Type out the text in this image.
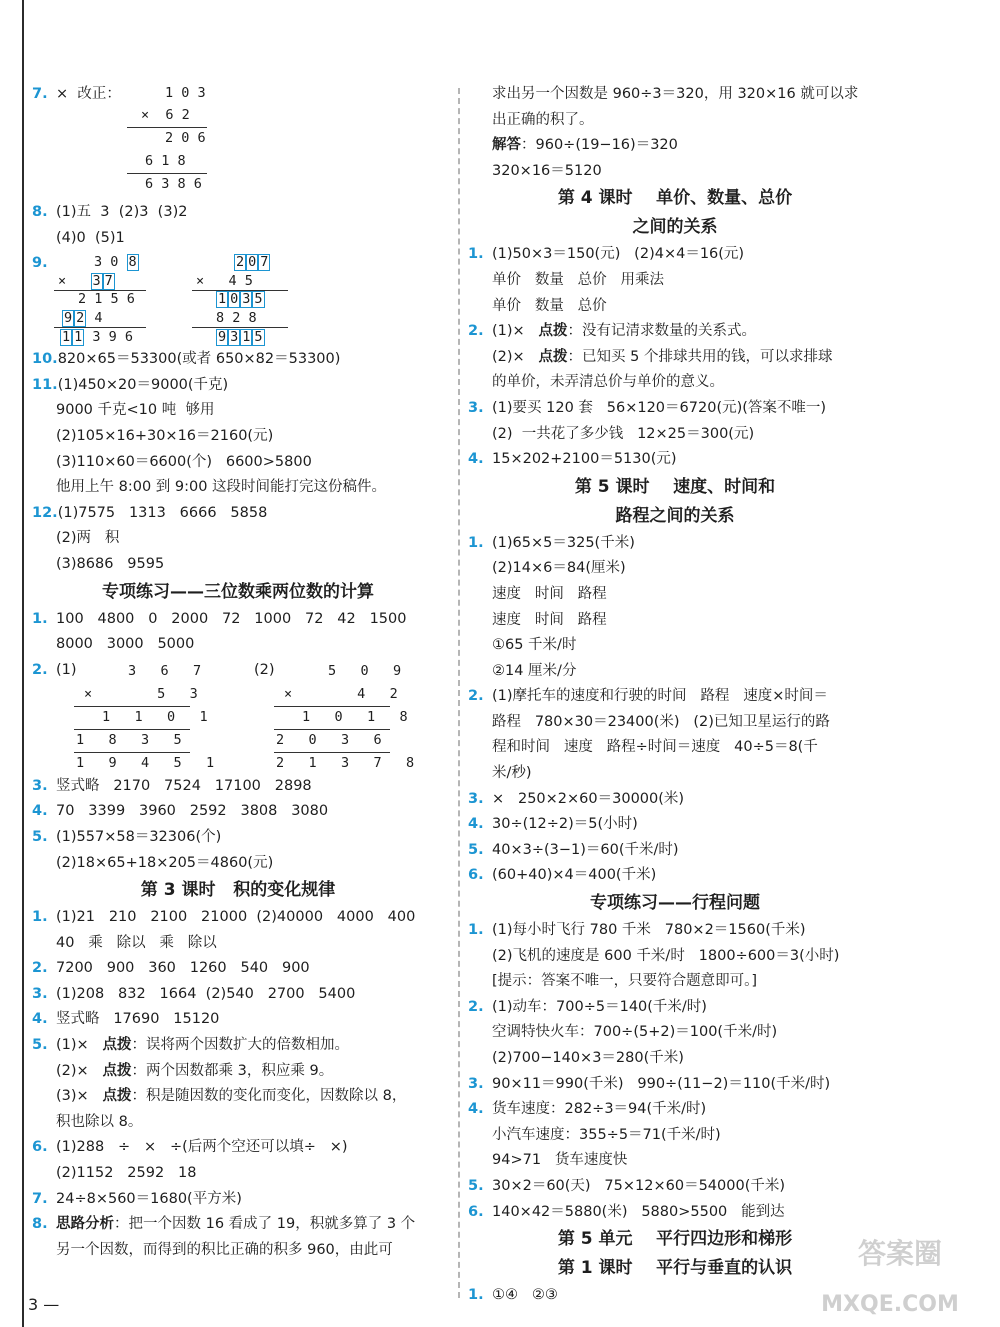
7. ×  改正：	1 0 3
×  6 2
2 0 6
6 1 8
6 3 8 6
8. (1)五  3  (2)3  (3)2
(4)0  (5)1
9.	3 0 8
×   3 7
2 1 5 6
9 2 4
1 1 3 9 6
2 0 7
×   4 5
1 0 3 5
8 2 8
9 3 1 5
10.820×65＝53300(或者 650×82＝53300)
11.(1)450×20＝9000(千克)
9000 千克<10 吨  够用
(2)105×16+30×16＝2160(元)
(3)110×60＝6600(个)   6600>5800
他用上午 8:00 到 9:00 这段时间能打完这份稿件。
12.(1)7575   1313   6666   5858
(2)两   积
(3)8686   9595
专项练习——三位数乘两位数的计算
1. 100   4800   0   2000   72   1000   72   42   1500
8000   3000   5000
2. (1)	3   6   7
×        5   3
1   1   0   1
1   8   3   5
1   9   4   5   1
(2)	5   0   9
×        4   2
1   0   1   8
2   0   3   6
2   1   3   7   8
3. 竖式略   2170   7524   17100   2898
4. 70   3399   3960   2592   3808   3080
5. (1)557×58＝32306(个)
(2)18×65+18×205＝4860(元)
第 3 课时   积的变化规律
1. (1)21   210   2100   21000  (2)40000   4000   400
40   乘   除以   乘   除以
2. 7200   900   360   1260   540   900
3. (1)208   832   1664  (2)540   2700   5400
4. 竖式略   17690   15120
5. (1)×   点拨：误将两个因数扩大的倍数相加。
(2)×   点拨：两个因数都乘 3，积应乘 9。
(3)×   点拨：积是随因数的变化而变化，因数除以 8，
积也除以 8。
6. (1)288   ÷   ×   ÷(后两个空还可以填÷   ×)
(2)1152   2592   18
7. 24÷8×560＝1680(平方米)
8. 思路分析：把一个因数 16 看成了 19，积就多算了 3 个
另一个因数，而得到的积比正确的积多 960，由此可
求出另一个因数是 960÷3＝320，用 320×16 就可以求
出正确的积了。
解答：960÷(19−16)＝320
320×16＝5120
第 4 课时    单价、数量、总价
之间的关系
1. (1)50×3＝150(元)   (2)4×4＝16(元)
单价   数量   总价   用乘法
单价   数量   总价
2. (1)×   点拨：没有记清求数量的关系式。
(2)×   点拨：已知买 5 个排球共用的钱，可以求排球
的单价，未弄清总价与单价的意义。
3. (1)要买 120 套   56×120＝6720(元)(答案不唯一)
(2)  一共花了多少钱   12×25＝300(元)
4. 15×202+2100＝5130(元)
第 5 课时    速度、时间和
路程之间的关系
1. (1)65×5＝325(千米)
(2)14×6＝84(厘米)
速度   时间   路程
速度   时间   路程
①65 千米/时
②14 厘米/分
2. (1)摩托车的速度和行驶的时间   路程   速度×时间＝
路程   780×30＝23400(米)   (2)已知卫星运行的路
程和时间   速度   路程÷时间＝速度   40÷5＝8(千
米/秒)
3. ×   250×2×60＝30000(米)
4. 30÷(12÷2)＝5(小时)
5. 40×3÷(3−1)＝60(千米/时)
6. (60+40)×4＝400(千米)
专项练习——行程问题
1. (1)每小时飞行 780 千米   780×2＝1560(千米)
(2)飞机的速度是 600 千米/时   1800÷600＝3(小时)
[提示：答案不唯一，只要符合题意即可。]
2. (1)动车：700÷5＝140(千米/时)
空调特快火车：700÷(5+2)＝100(千米/时)
(2)700−140×3＝280(千米)
3. 90×11＝990(千米)   990÷(11−2)＝110(千米/时)
4. 货车速度：282÷3＝94(千米/时)
小汽车速度：355÷5＝71(千米/时)
94>71   货车速度快
5. 30×2＝60(天)   75×12×60＝54000(千米)
6. 140×42＝5880(米)   5880>5500   能到达
第 5 单元    平行四边形和梯形
第 1 课时    平行与垂直的认识
1. ①④   ②③
3 —
答案圈
MXQE.COM
